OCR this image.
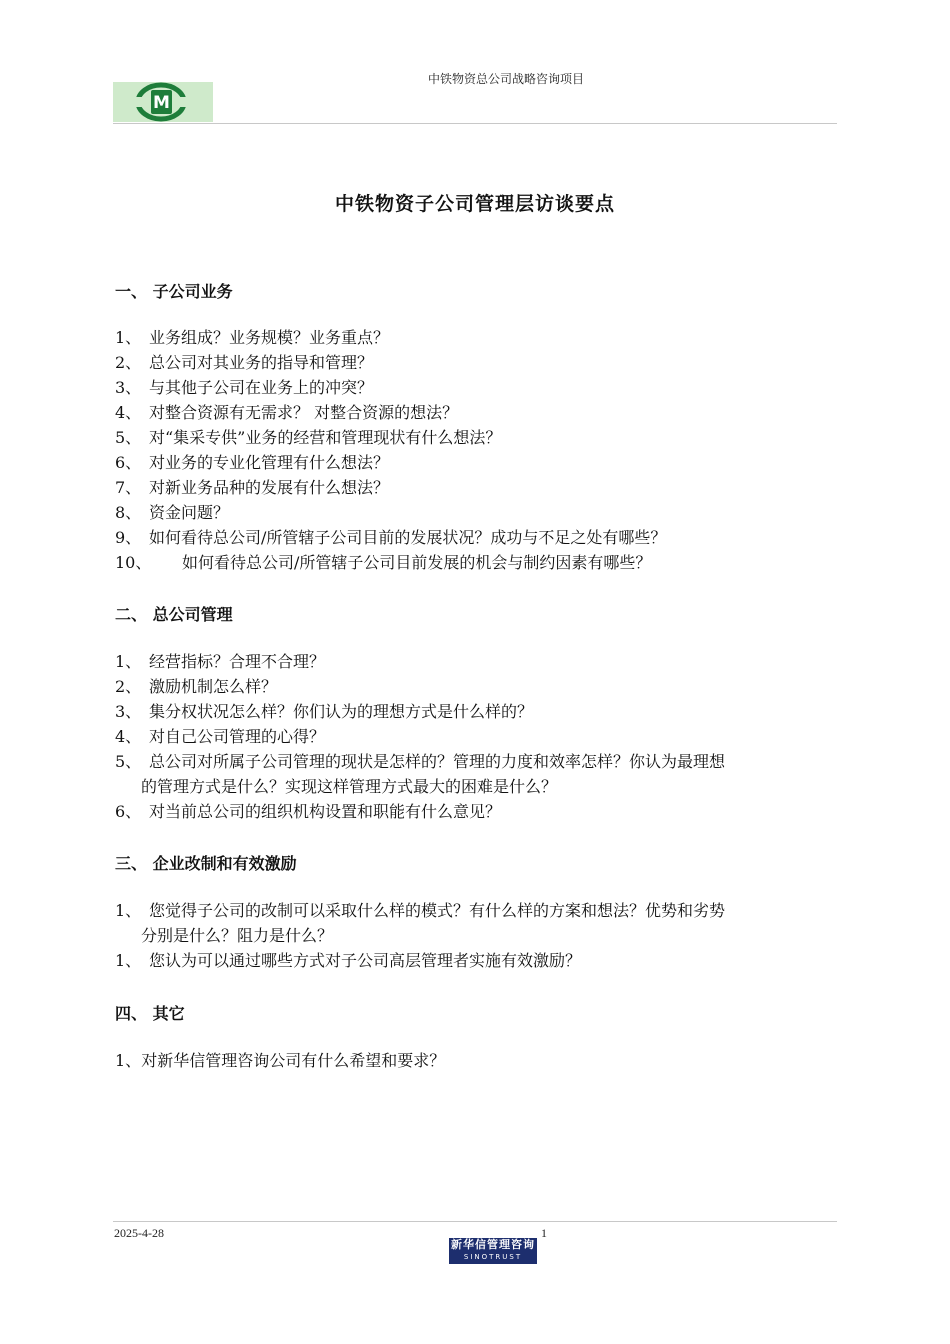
M
中铁物资总公司战略咨询项目
中铁物资子公司管理层访谈要点
一、 子公司业务
1、 业务组成？业务规模？业务重点？
2、 总公司对其业务的指导和管理？
3、 与其他子公司在业务上的冲突？
4、 对整合资源有无需求？ 对整合资源的想法？
5、 对“集采专供”业务的经营和管理现状有什么想法？
6、 对业务的专业化管理有什么想法？
7、 对新业务品种的发展有什么想法？
8、 资金问题？
9、 如何看待总公司/所管辖子公司目前的发展状况？成功与不足之处有哪些？
10、 如何看待总公司/所管辖子公司目前发展的机会与制约因素有哪些？
二、 总公司管理
1、 经营指标？合理不合理？
2、 激励机制怎么样？
3、 集分权状况怎么样？你们认为的理想方式是什么样的？
4、 对自己公司管理的心得？
5、 总公司对所属子公司管理的现状是怎样的？管理的力度和效率怎样？你认为最理想

的管理方式是什么？实现这样管理方式最大的困难是什么？
6、 对当前总公司的组织机构设置和职能有什么意见？
三、 企业改制和有效激励
1、 您觉得子公司的改制可以采取什么样的模式？有什么样的方案和想法？优势和劣势

分别是什么？阻力是什么？
1、 您认为可以通过哪些方式对子公司高层管理者实施有效激励？
四、 其它
1、对新华信管理咨询公司有什么希望和要求？
2025-4-28	1
新华信管理咨询
SINOTRUST
